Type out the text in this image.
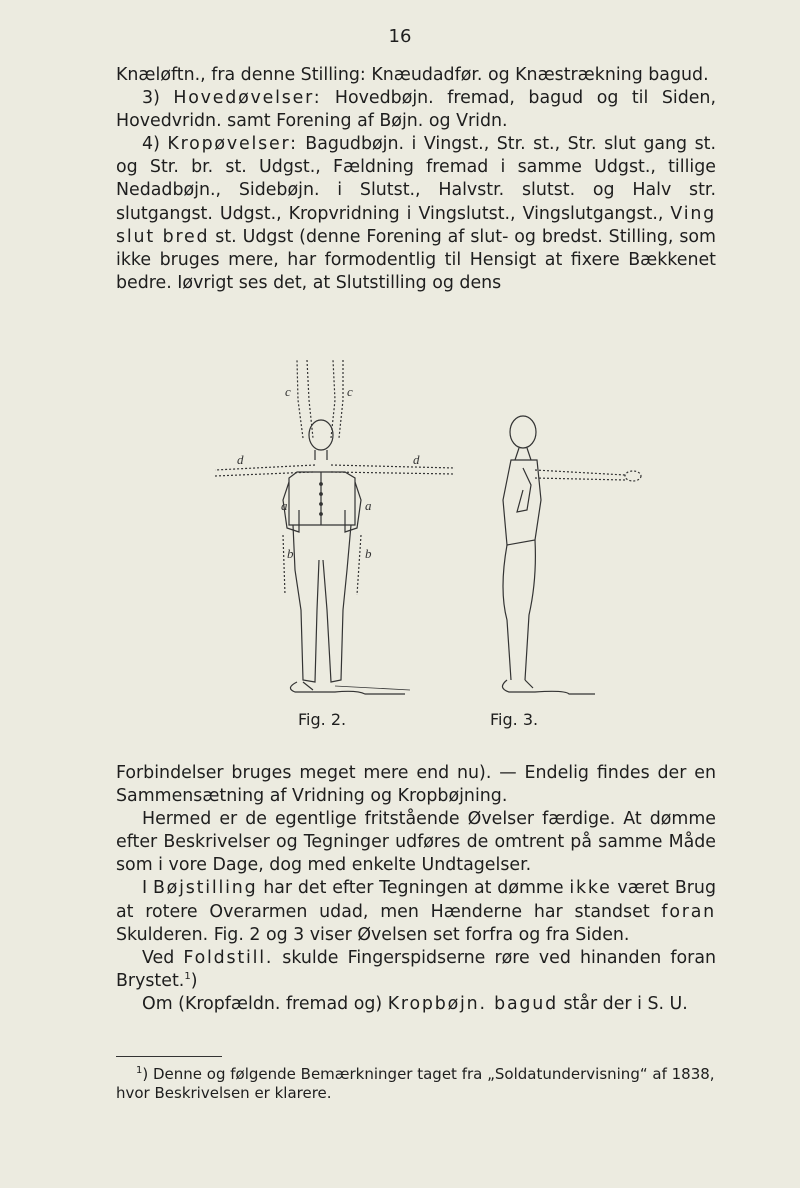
16

Knæløftn., fra denne Stilling: Knæudadfør. og Knæstrækning bagud.

3) Hovedøvelser: Hovedbøjn. fremad, bagud og til Siden, Hovedvridn. samt Forening af Bøjn. og Vridn.

4) Kropøvelser: Bagudbøjn. i Vingst., Str. st., Str. slut gang st. og Str. br. st. Udgst., Fældning fremad i samme Udgst., tillige Nedadbøjn., Sidebøjn. i Slutst., Halvstr. slutst. og Halv str. slutgangst. Udgst., Kropvridning i Vingslutst., Vingslutgangst., Ving slut bred st. Udgst (denne Forening af slut- og bredst. Stilling, som ikke bruges mere, har formodentlig til Hensigt at fixere Bækkenet bedre. Iøvrigt ses det, at Slutstilling og dens

c	c
d	d
a	a
b	b
Fig. 2.	Fig. 3.

Forbindelser bruges meget mere end nu). — Endelig findes der en Sammensætning af Vridning og Kropbøjning.

Hermed er de egentlige fritstående Øvelser færdige. At dømme efter Beskrivelser og Tegninger udføres de omtrent på samme Måde som i vore Dage, dog med enkelte Undtagelser.

I Bøjstilling har det efter Tegningen at dømme ikke været Brug at rotere Overarmen udad, men Hænderne har standset foran Skulderen. Fig. 2 og 3 viser Øvelsen set forfra og fra Siden.

Ved Foldstill. skulde Fingerspidserne røre ved hinanden foran Brystet.$^1$)

Om (Kropfældn. fremad og) Kropbøjn. bagud står der i S. U.

$^1$) Denne og følgende Bemærkninger taget fra „Soldatundervisning“ af 1838, hvor Beskrivelsen er klarere.
